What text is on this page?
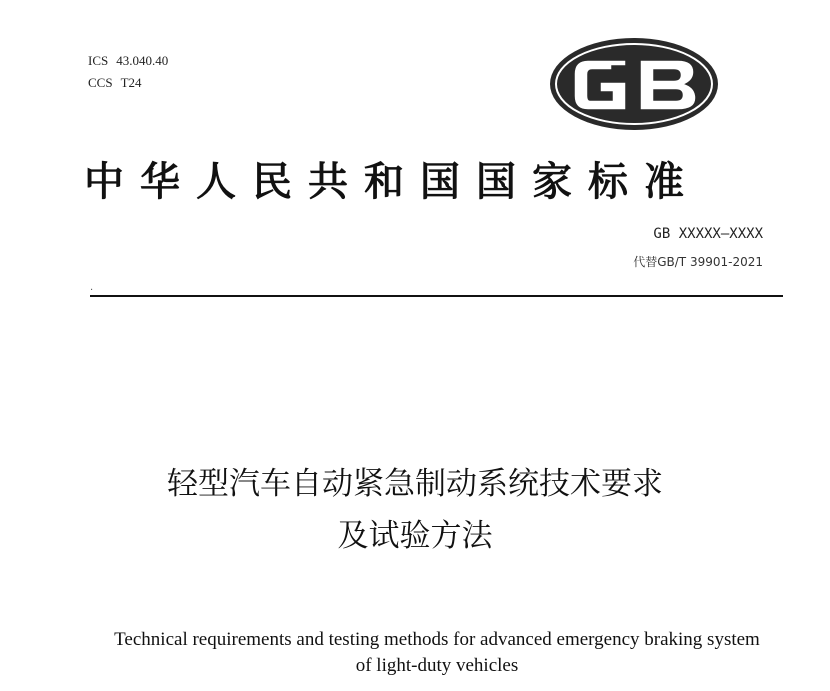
ICS 43.040.40
CCS T24
中华人民共和国国家标准
GB XXXXX—XXXX
代替GB/T 39901-2021
.
轻型汽车自动紧急制动系统技术要求
及试验方法
Technical requirements and testing methods for advanced emergency braking system
of light-duty vehicles
